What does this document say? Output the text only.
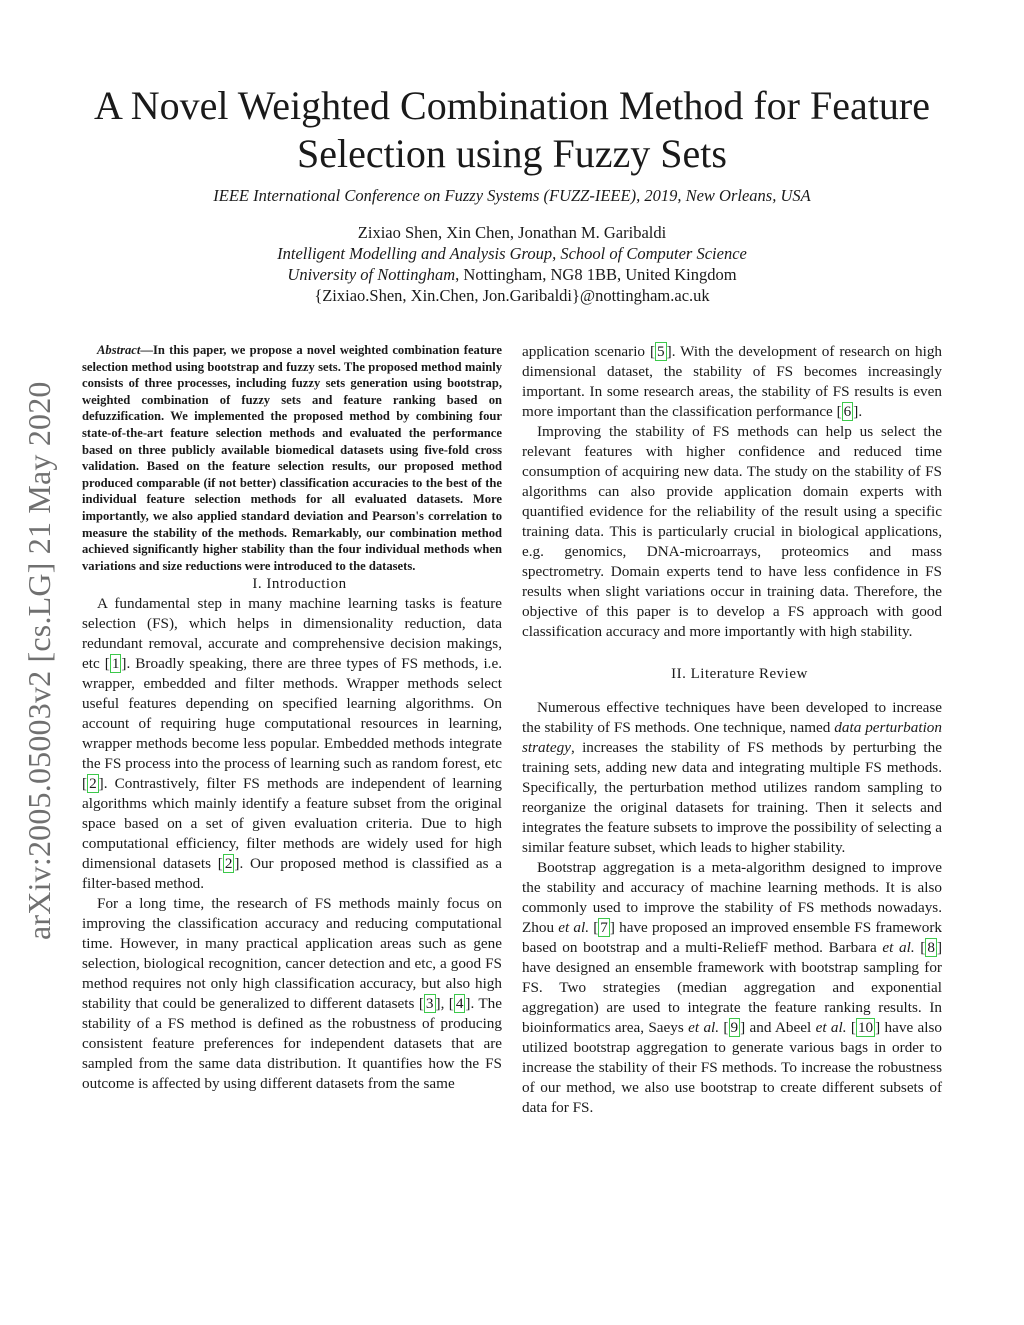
A Novel Weighted Combination Method for Feature Selection using Fuzzy Sets
IEEE International Conference on Fuzzy Systems (FUZZ-IEEE), 2019, New Orleans, USA
Zixiao Shen, Xin Chen, Jonathan M. Garibaldi
Intelligent Modelling and Analysis Group, School of Computer Science
University of Nottingham, Nottingham, NG8 1BB, United Kingdom
{Zixiao.Shen, Xin.Chen, Jon.Garibaldi}@nottingham.ac.uk
arXiv:2005.05003v2 [cs.LG] 21 May 2020

Abstract—In this paper, we propose a novel weighted combination feature selection method using bootstrap and fuzzy sets. The proposed method mainly consists of three processes, including fuzzy sets generation using bootstrap, weighted combination of fuzzy sets and feature ranking based on defuzzification. We implemented the proposed method by combining four state-of-the-art feature selection methods and evaluated the performance based on three publicly available biomedical datasets using five-fold cross validation. Based on the feature selection results, our proposed method produced comparable (if not better) classification accuracies to the best of the individual feature selection methods for all evaluated datasets. More importantly, we also applied standard deviation and Pearson's correlation to measure the stability of the methods. Remarkably, our combination method achieved significantly higher stability than the four individual methods when variations and size reductions were introduced to the datasets.

I. Introduction

A fundamental step in many machine learning tasks is feature selection (FS), which helps in dimensionality reduction, data redundant removal, accurate and comprehensive decision makings, etc [ 1 ]. Broadly speaking, there are three types of FS methods, i.e. wrapper, embedded and filter methods. Wrapper methods select useful features depending on specified learning algorithms. On account of requiring huge computational resources in learning, wrapper methods become less popular. Embedded methods integrate the FS process into the process of learning such as random forest, etc [ 2 ]. Contrastively, filter FS methods are independent of learning algorithms which mainly identify a feature subset from the original space based on a set of given evaluation criteria. Due to high computational efficiency, filter methods are widely used for high dimensional datasets [ 2 ]. Our proposed method is classified as a filter-based method.

For a long time, the research of FS methods mainly focus on improving the classification accuracy and reducing computational time. However, in many practical application areas such as gene selection, biological recognition, cancer detection and etc, a good FS method requires not only high classification accuracy, but also high stability that could be generalized to different datasets [ 3 ], [ 4 ]. The stability of a FS method is defined as the robustness of producing consistent feature preferences for independent datasets that are sampled from the same data distribution. It quantifies how the FS outcome is affected by using different datasets from the same

application scenario [ 5 ]. With the development of research on high dimensional dataset, the stability of FS becomes increasingly important. In some research areas, the stability of FS results is even more important than the classification performance [ 6 ].

Improving the stability of FS methods can help us select the relevant features with higher confidence and reduced time consumption of acquiring new data. The study on the stability of FS algorithms can also provide application domain experts with quantified evidence for the reliability of the result using a specific training data. This is particularly crucial in biological applications, e.g. genomics, DNA-microarrays, proteomics and mass spectrometry. Domain experts tend to have less confidence in FS results when slight variations occur in training data. Therefore, the objective of this paper is to develop a FS approach with good classification accuracy and more importantly with high stability.

II. Literature Review

Numerous effective techniques have been developed to increase the stability of FS methods. One technique, named data perturbation strategy, increases the stability of FS methods by perturbing the training sets, adding new data and integrating multiple FS methods. Specifically, the perturbation method utilizes random sampling to reorganize the original datasets for training. Then it selects and integrates the feature subsets to improve the possibility of selecting a similar feature subset, which leads to higher stability.

Bootstrap aggregation is a meta-algorithm designed to improve the stability and accuracy of machine learning methods. It is also commonly used to improve the stability of FS methods nowadays. Zhou et al. [ 7 ] have proposed an improved ensemble FS framework based on bootstrap and a multi-ReliefF method. Barbara et al. [ 8 ] have designed an ensemble framework with bootstrap sampling for FS. Two strategies (median aggregation and exponential aggregation) are used to integrate the feature ranking results. In bioinformatics area, Saeys et al. [ 9 ] and Abeel et al. [ 10 ] have also utilized bootstrap aggregation to generate various bags in order to increase the stability of their FS methods. To increase the robustness of our method, we also use bootstrap to create different subsets of data for FS.
